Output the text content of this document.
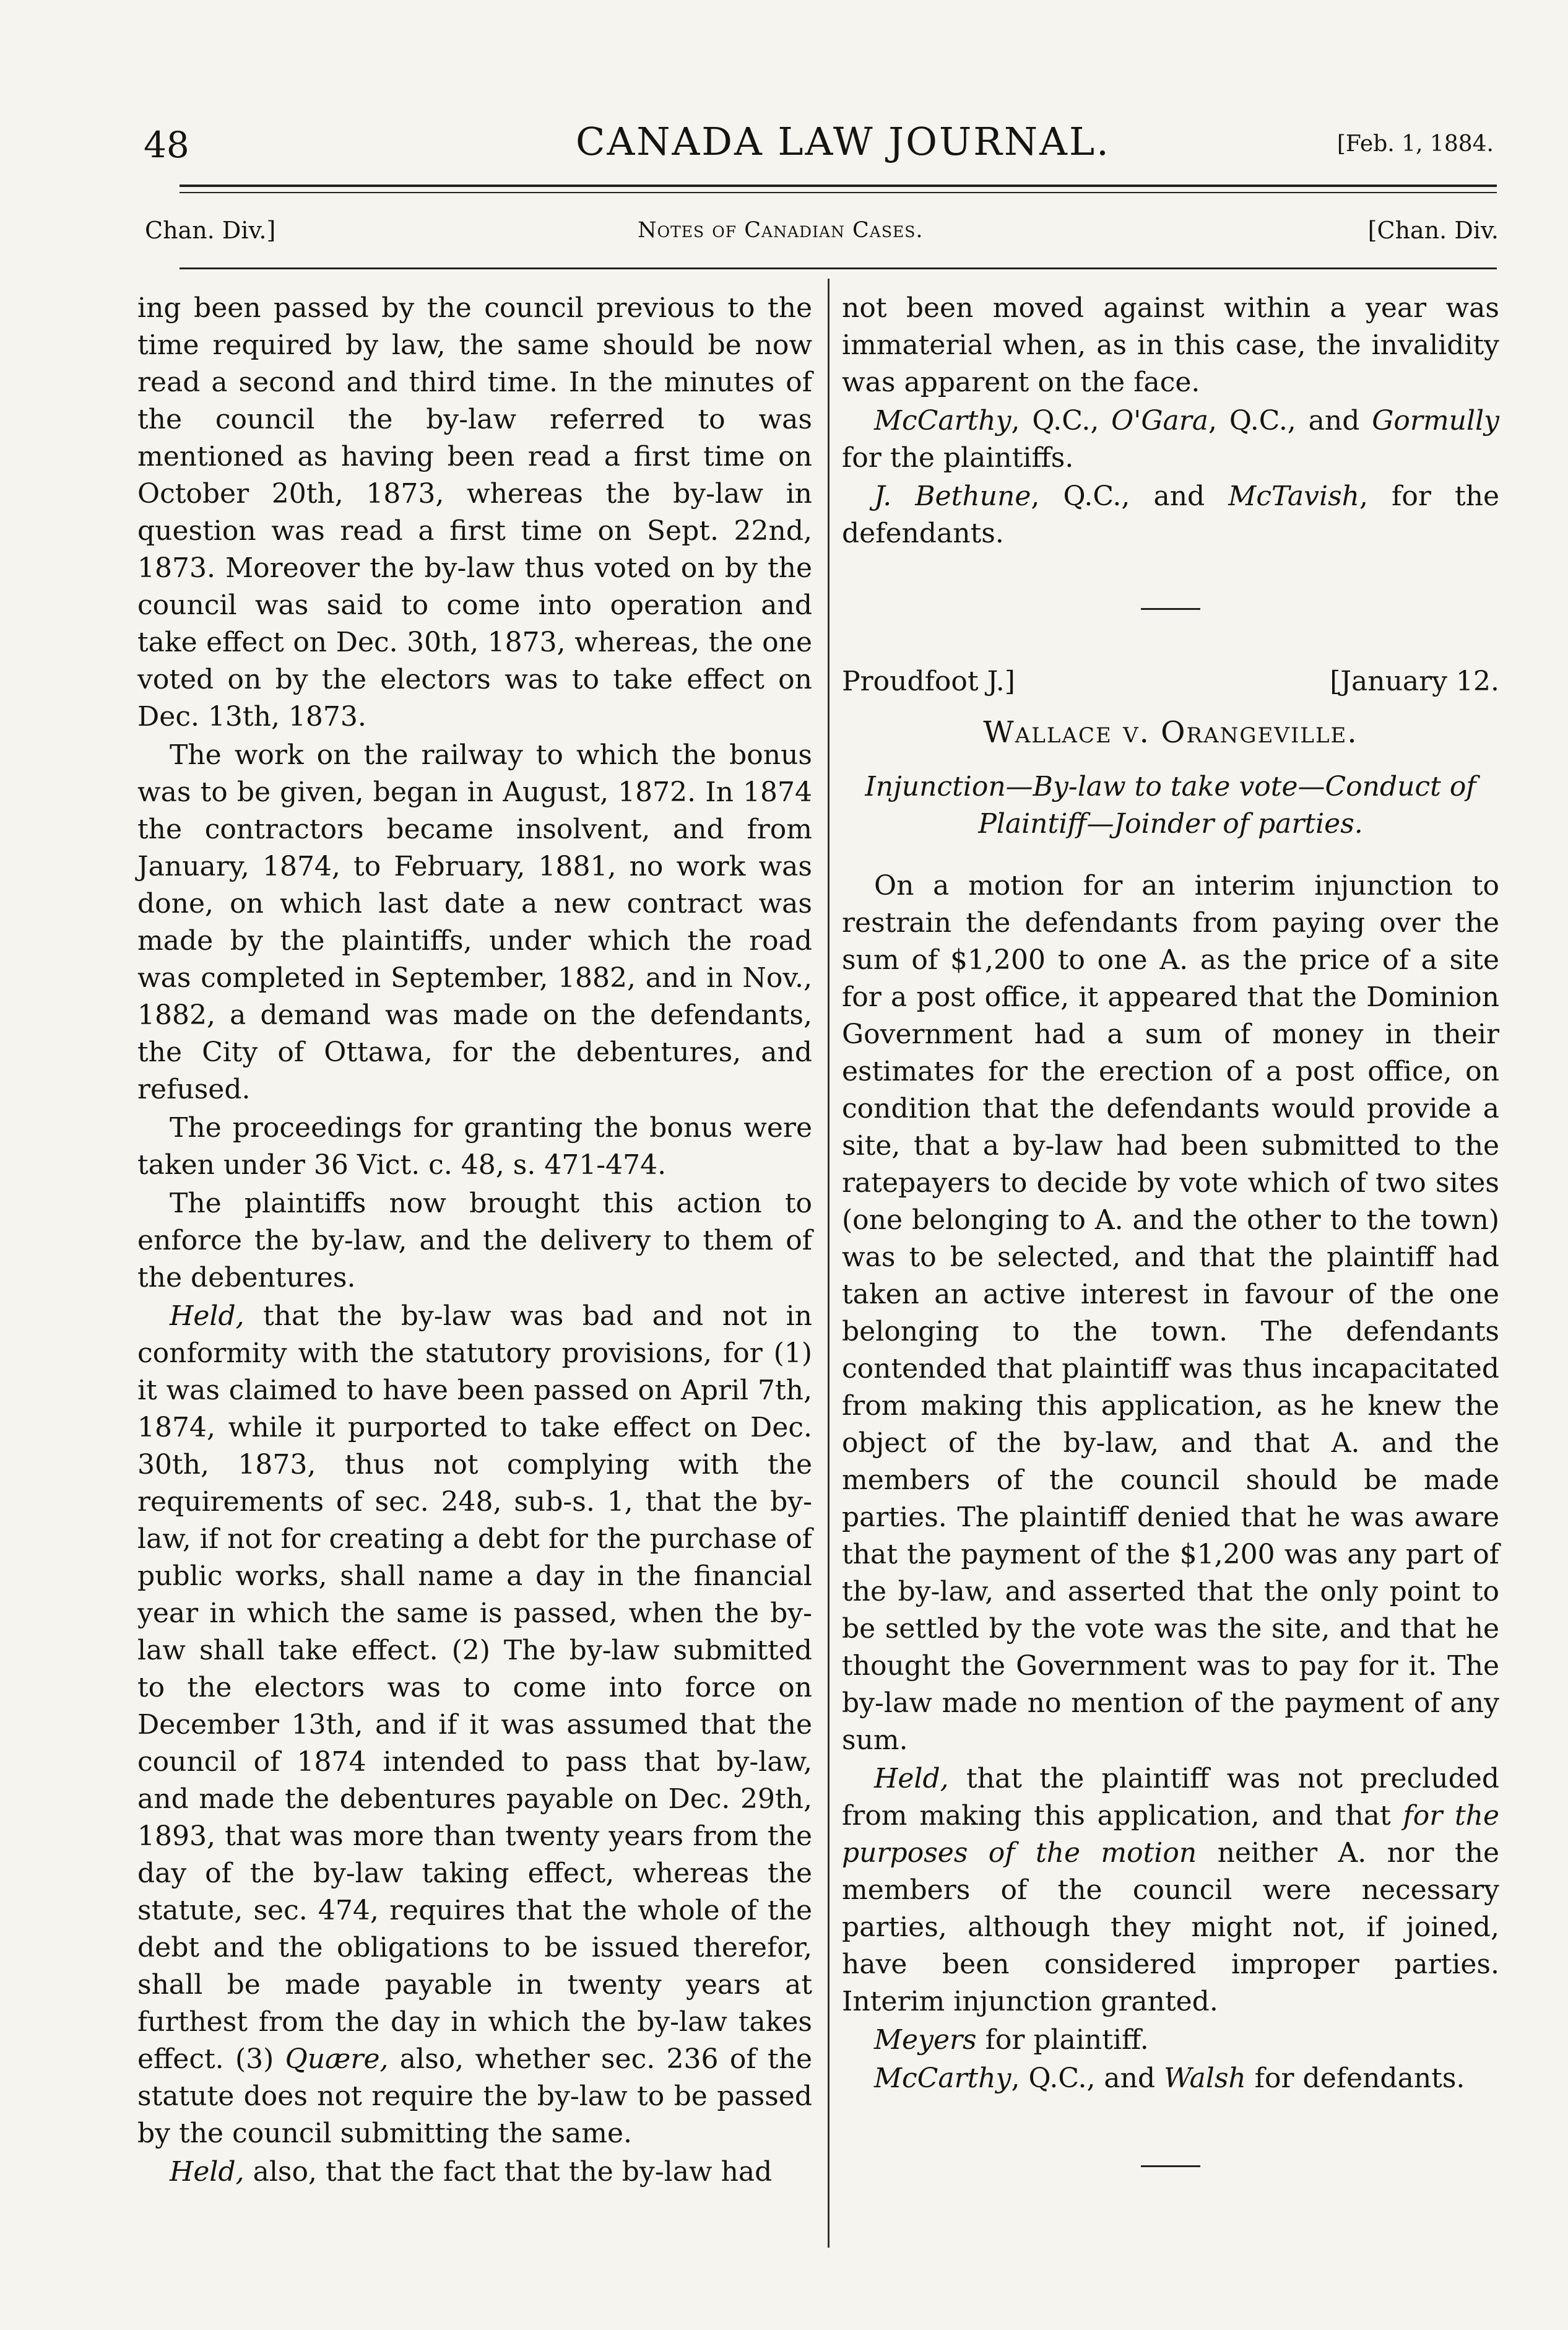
48	CANADA LAW JOURNAL.	[Feb. 1, 1884.
Chan. Div.]	Notes of Canadian Cases.	[Chan. Div.

ing been passed by the council previous to the time required by law, the same should be now read a second and third time. In the minutes of the council the by-law referred to was mentioned as having been read a first time on October 20th, 1873, whereas the by-law in question was read a first time on Sept. 22nd, 1873. Moreover the by-law thus voted on by the council was said to come into operation and take effect on Dec. 30th, 1873, whereas, the one voted on by the electors was to take effect on Dec. 13th, 1873.

The work on the railway to which the bonus was to be given, began in August, 1872. In 1874 the contractors became insolvent, and from January, 1874, to February, 1881, no work was done, on which last date a new contract was made by the plaintiffs, under which the road was completed in September, 1882, and in Nov., 1882, a demand was made on the defendants, the City of Ottawa, for the debentures, and refused.

The proceedings for granting the bonus were taken under 36 Vict. c. 48, s. 471-474.

The plaintiffs now brought this action to enforce the by-law, and the delivery to them of the debentures.

Held, that the by-law was bad and not in conformity with the statutory provisions, for (1) it was claimed to have been passed on April 7th, 1874, while it purported to take effect on Dec. 30th, 1873, thus not complying with the requirements of sec. 248, sub-s. 1, that the by-law, if not for creating a debt for the purchase of public works, shall name a day in the financial year in which the same is passed, when the by-law shall take effect. (2) The by-law submitted to the electors was to come into force on December 13th, and if it was assumed that the council of 1874 intended to pass that by-law, and made the debentures payable on Dec. 29th, 1893, that was more than twenty years from the day of the by-law taking effect, whereas the statute, sec. 474, requires that the whole of the debt and the obligations to be issued therefor, shall be made payable in twenty years at furthest from the day in which the by-law takes effect. (3) Quære, also, whether sec. 236 of the statute does not require the by-law to be passed by the council submitting the same.

Held, also, that the fact that the by-law had

not been moved against within a year was immaterial when, as in this case, the invalidity was apparent on the face.

McCarthy, Q.C., O'Gara, Q.C., and Gormully for the plaintiffs.

J. Bethune, Q.C., and McTavish, for the defendants.

Proudfoot J.]	[January 12.
Wallace v. Orangeville.
Injunction—By-law to take vote—Conduct of Plaintiff—Joinder of parties.

On a motion for an interim injunction to restrain the defendants from paying over the sum of $1,200 to one A. as the price of a site for a post office, it appeared that the Dominion Government had a sum of money in their estimates for the erection of a post office, on condition that the defendants would provide a site, that a by-law had been submitted to the ratepayers to decide by vote which of two sites (one belonging to A. and the other to the town) was to be selected, and that the plaintiff had taken an active interest in favour of the one belonging to the town. The defendants contended that plaintiff was thus incapacitated from making this application, as he knew the object of the by-law, and that A. and the members of the council should be made parties. The plaintiff denied that he was aware that the payment of the $1,200 was any part of the by-law, and asserted that the only point to be settled by the vote was the site, and that he thought the Government was to pay for it. The by-law made no mention of the payment of any sum.

Held, that the plaintiff was not precluded from making this application, and that for the purposes of the motion neither A. nor the members of the council were necessary parties, although they might not, if joined, have been considered improper parties. Interim injunction granted.

Meyers for plaintiff.

McCarthy, Q.C., and Walsh for defendants.
